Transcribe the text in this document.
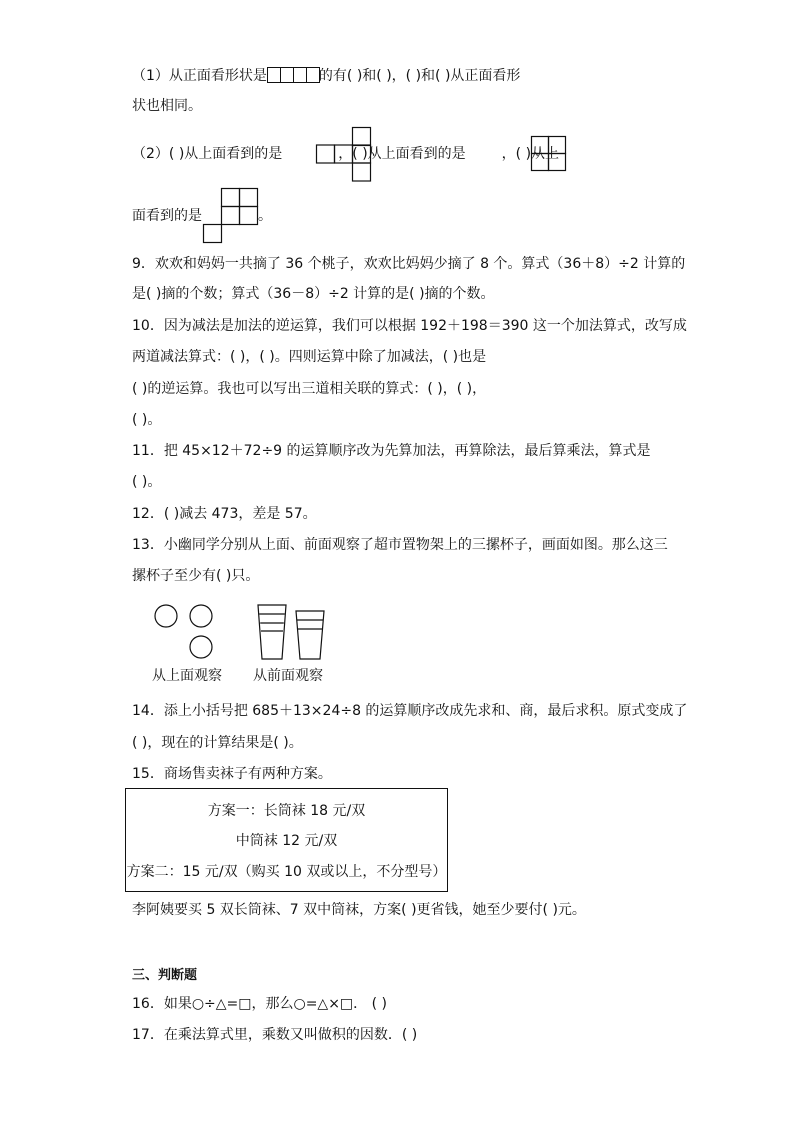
（1）从正面看形状是	的有( )和( )，( )和( )从正面看形
状也相同。
（2）( )从上面看到的是	，( )从上面看到的是	，( )从上
面看到的是	。
9．欢欢和妈妈一共摘了 36 个桃子，欢欢比妈妈少摘了 8 个。算式（36＋8）÷2 计算的
是( )摘的个数；算式（36－8）÷2 计算的是( )摘的个数。
10．因为减法是加法的逆运算，我们可以根据 192＋198＝390 这一个加法算式，改写成
两道减法算式：( )，( )。四则运算中除了加减法，( )也是
( )的逆运算。我也可以写出三道相关联的算式：( )，( )，
( )。
11．把 45×12＋72÷9 的运算顺序改为先算加法，再算除法，最后算乘法，算式是
( )。
12．( )减去 473，差是 57。
13．小幽同学分别从上面、前面观察了超市置物架上的三摞杯子，画面如图。那么这三
摞杯子至少有( )只。
从上面观察 从前面观察
14．添上小括号把 685＋13×24÷8 的运算顺序改成先求和、商，最后求积。原式变成了
( )，现在的计算结果是( )。
15．商场售卖袜子有两种方案。
方案一：长筒袜 18 元/双
中筒袜 12 元/双
方案二：15 元/双（购买 10 双或以上，不分型号）
李阿姨要买 5 双长筒袜、7 双中筒袜，方案( )更省钱，她至少要付( )元。
三、判断题
16．如果○÷△=□，那么○=△×□． ( )
17．在乘法算式里，乘数又叫做积的因数．( )
